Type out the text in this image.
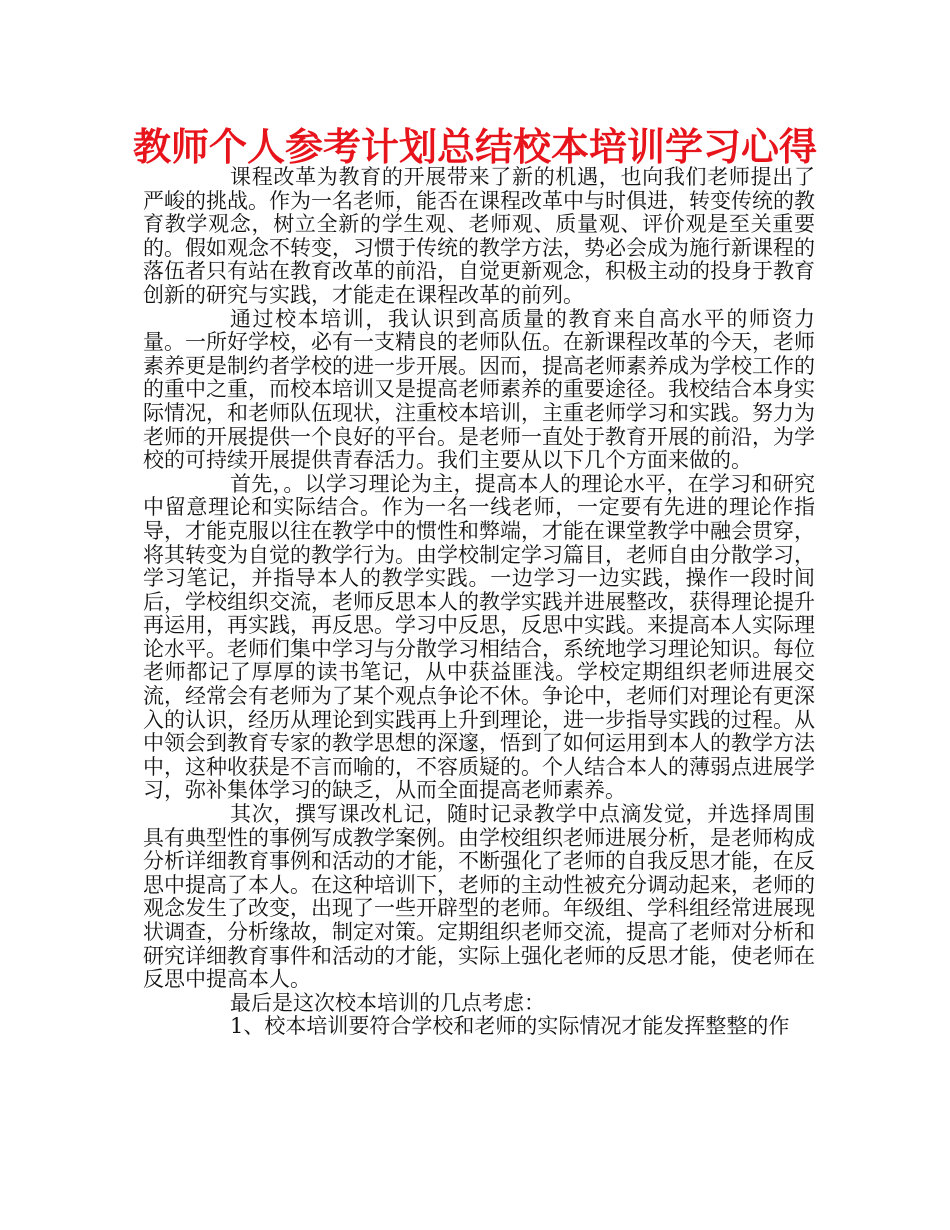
教师个人参考计划总结校本培训学习心得

课程改革为教育的开展带来了新的机遇，也向我们老师提出了严峻的挑战。作为一名老师，能否在课程改革中与时俱进，转变传统的教育教学观念，树立全新的学生观、老师观、质量观、评价观是至关重要的。假如观念不转变，习惯于传统的教学方法，势必会成为施行新课程的落伍者只有站在教育改革的前沿，自觉更新观念，积极主动的投身于教育创新的研究与实践，才能走在课程改革的前列。

通过校本培训，我认识到高质量的教育来自高水平的师资力量。一所好学校，必有一支精良的老师队伍。在新课程改革的今天，老师素养更是制约者学校的进一步开展。因而，提高老师素养成为学校工作的的重中之重，而校本培训又是提高老师素养的重要途径。我校结合本身实际情况，和老师队伍现状，注重校本培训，主重老师学习和实践。努力为老师的开展提供一个良好的平台。是老师一直处于教育开展的前沿，为学校的可持续开展提供青春活力。我们主要从以下几个方面来做的。

首先，。以学习理论为主，提高本人的理论水平，在学习和研究中留意理论和实际结合。作为一名一线老师，一定要有先进的理论作指导，才能克服以往在教学中的惯性和弊端，才能在课堂教学中融会贯穿，将其转变为自觉的教学行为。由学校制定学习篇目，老师自由分散学习，学习笔记，并指导本人的教学实践。一边学习一边实践，操作一段时间后，学校组织交流，老师反思本人的教学实践并进展整改，获得理论提升再运用，再实践，再反思。学习中反思，反思中实践。来提高本人实际理论水平。老师们集中学习与分散学习相结合，系统地学习理论知识。每位老师都记了厚厚的读书笔记，从中获益匪浅。学校定期组织老师进展交流，经常会有老师为了某个观点争论不休。争论中，老师们对理论有更深入的认识，经历从理论到实践再上升到理论，进一步指导实践的过程。从中领会到教育专家的教学思想的深邃，悟到了如何运用到本人的教学方法中，这种收获是不言而喻的，不容质疑的。个人结合本人的薄弱点进展学习，弥补集体学习的缺乏，从而全面提高老师素养。

其次，撰写课改札记，随时记录教学中点滴发觉，并选择周围具有典型性的事例写成教学案例。由学校组织老师进展分析，是老师构成分析详细教育事例和活动的才能，不断强化了老师的自我反思才能，在反思中提高了本人。在这种培训下，老师的主动性被充分调动起来，老师的观念发生了改变，出现了一些开辟型的老师。年级组、学科组经常进展现状调查，分析缘故，制定对策。定期组织老师交流，提高了老师对分析和研究详细教育事件和活动的才能，实际上强化老师的反思才能，使老师在反思中提高本人。

最后是这次校本培训的几点考虑：

1、校本培训要符合学校和老师的实际情况才能发挥整整的作
